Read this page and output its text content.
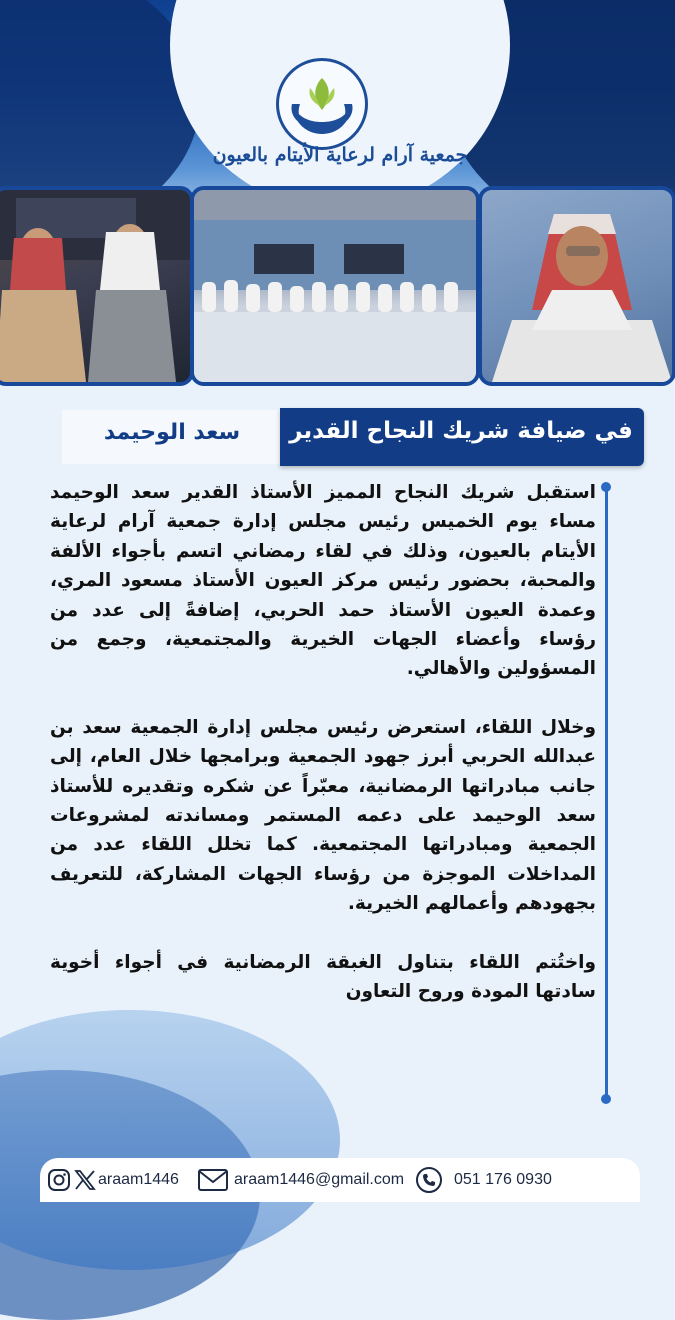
جمعية آرام لرعاية الأيتام بالعيون
في ضيافة شريك النجاح القدير
سعد الوحيمد

استقبل شريك النجاح المميز الأستاذ القدير سعد الوحيمد مساء يوم الخميس رئيس مجلس إدارة جمعية آرام لرعاية الأيتام بالعيون، وذلك في لقاء رمضاني اتسم بأجواء الألفة والمحبة، بحضور رئيس مركز العيون الأستاذ مسعود المري، وعمدة العيون الأستاذ حمد الحربي، إضافةً إلى عدد من رؤساء وأعضاء الجهات الخيرية والمجتمعية، وجمع من المسؤولين والأهالي.

وخلال اللقاء، استعرض رئيس مجلس إدارة الجمعية سعد بن عبدالله الحربي أبرز جهود الجمعية وبرامجها خلال العام، إلى جانب مبادراتها الرمضانية، معبّراً عن شكره وتقديره للأستاذ سعد الوحيمد على دعمه المستمر ومساندته لمشروعات الجمعية ومبادراتها المجتمعية. كما تخلل اللقاء عدد من المداخلات الموجزة من رؤساء الجهات المشاركة، للتعريف بجهودهم وأعمالهم الخيرية.

واختُتم اللقاء بتناول الغبقة الرمضانية في أجواء أخوية سادتها المودة وروح التعاون

araam1446	araam1446@gmail.com	051 176 0930
